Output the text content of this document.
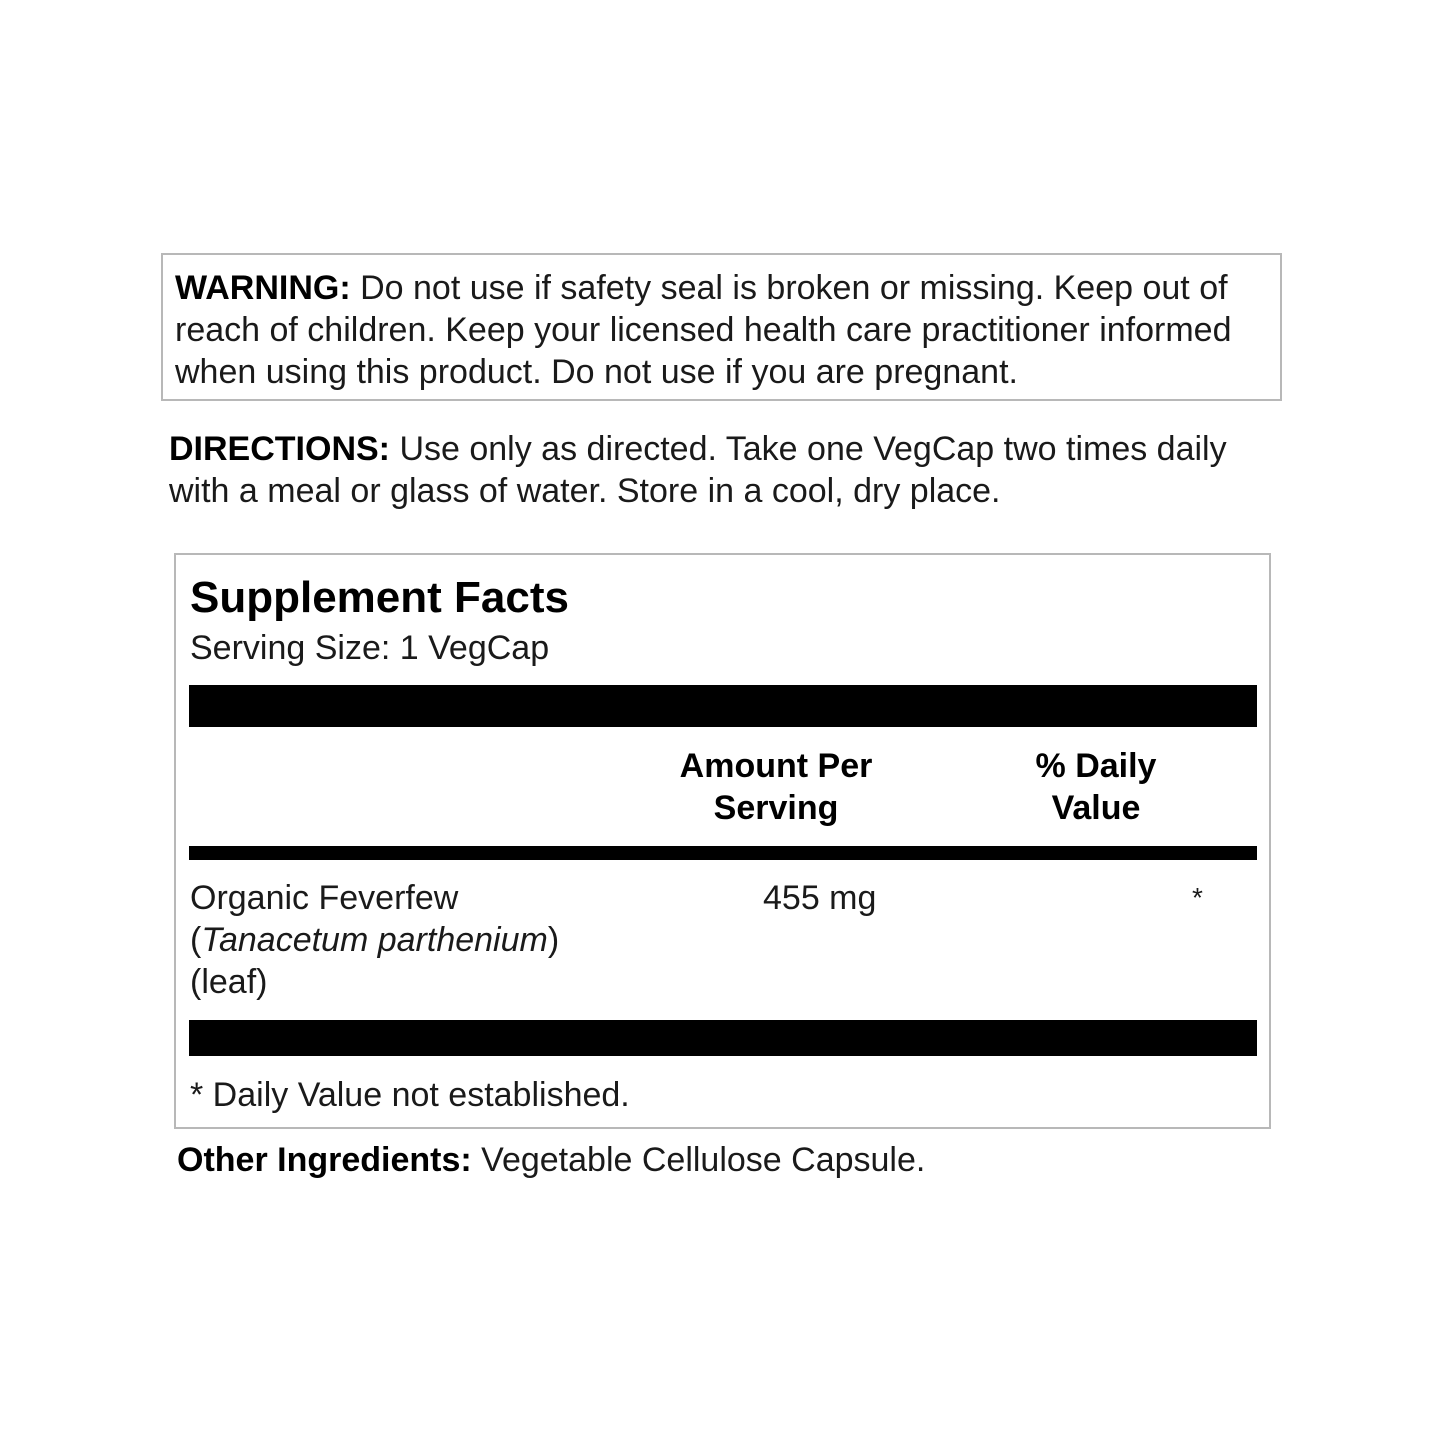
WARNING: Do not use if safety seal is broken or missing. Keep out of reach of children. Keep your licensed health care practitioner informed when using this product. Do not use if you are pregnant.
DIRECTIONS: Use only as directed. Take one VegCap two times daily with a meal or glass of water. Store in a cool, dry place.
Supplement Facts
Serving Size: 1 VegCap
Amount Per
Serving
% Daily
Value
Organic Feverfew (Tanacetum parthenium) (leaf)
455 mg	*
* Daily Value not established.
Other Ingredients: Vegetable Cellulose Capsule.
